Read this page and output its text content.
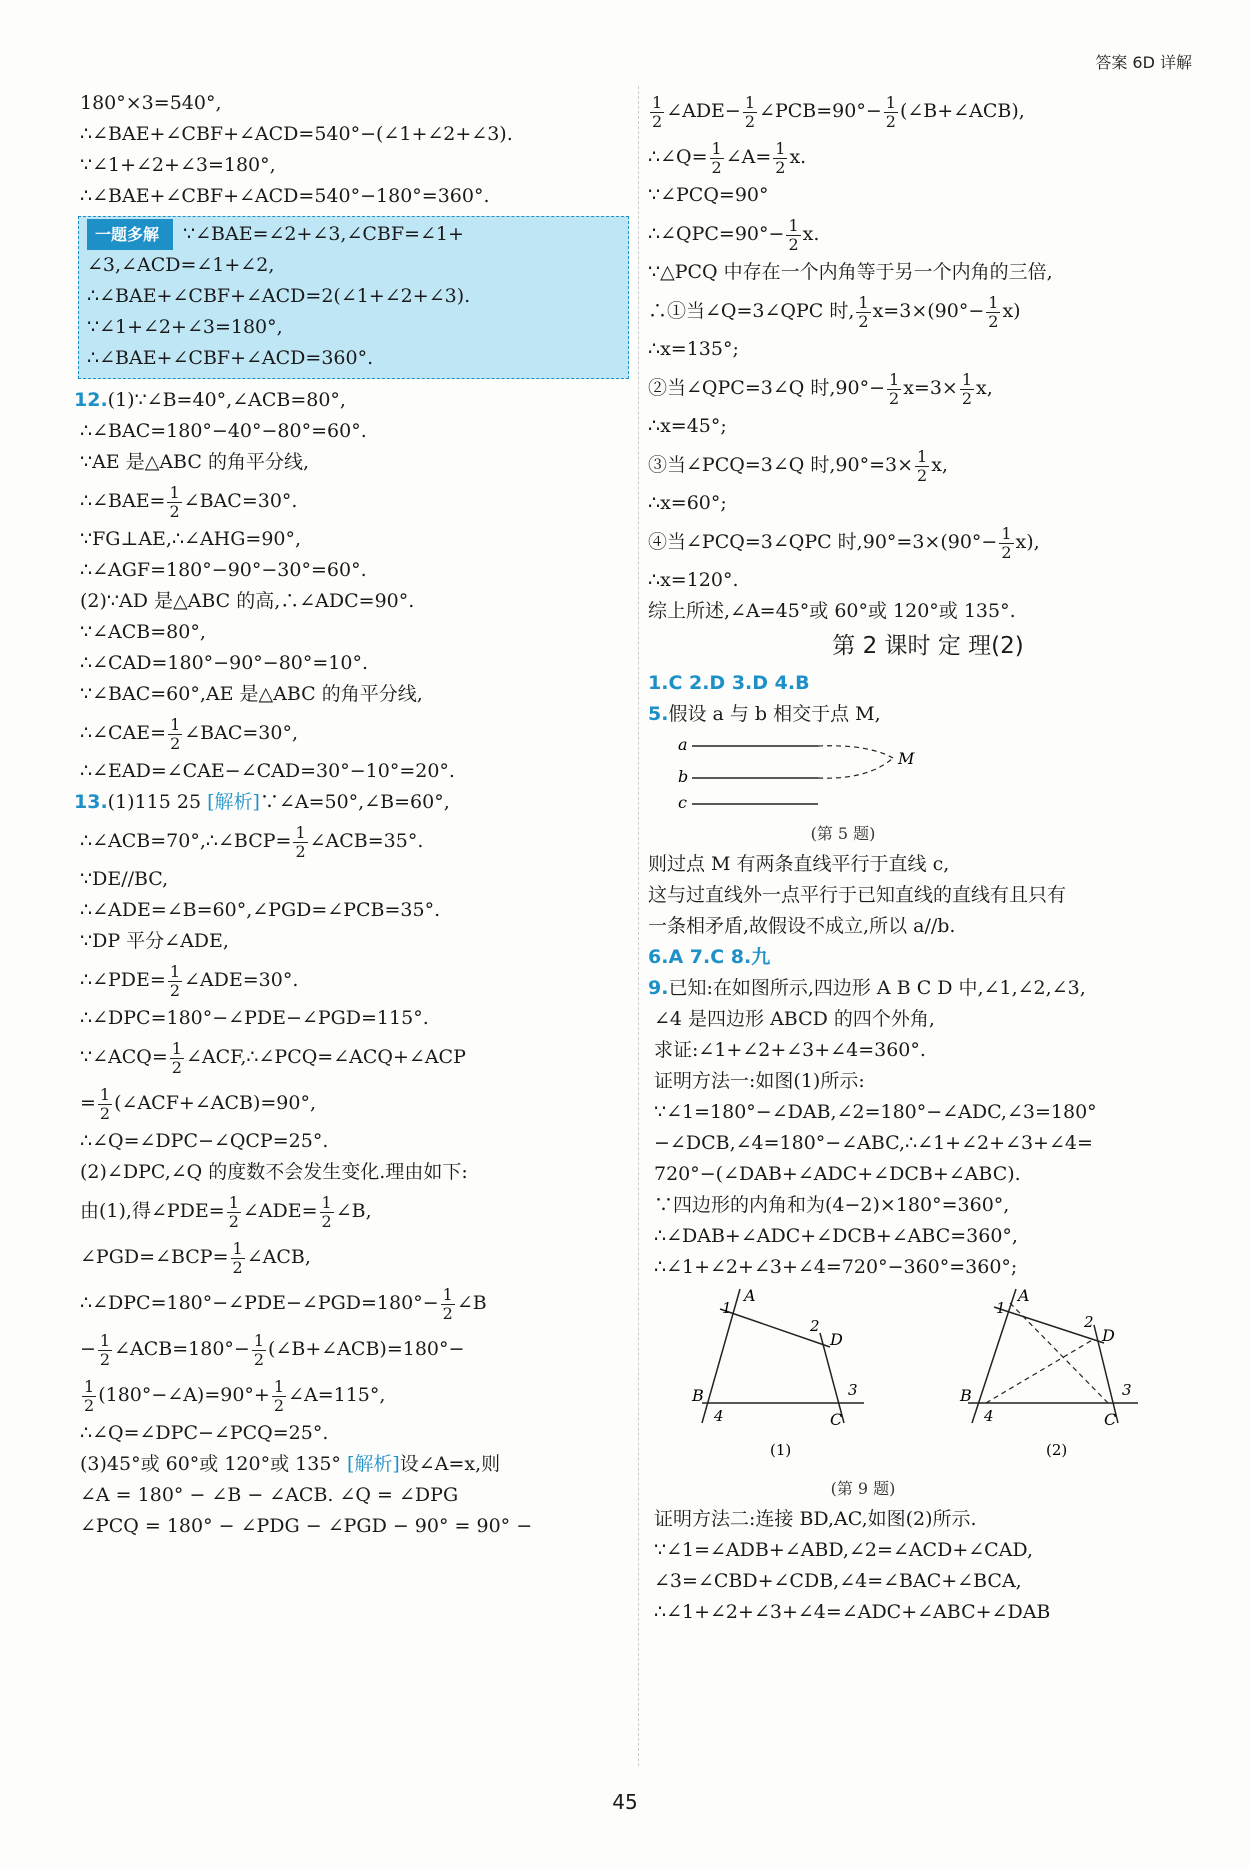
答案 6D 详解
180°×3=540°,
∴∠BAE+∠CBF+∠ACD=540°−(∠1+∠2+∠3).
∵∠1+∠2+∠3=180°,
∴∠BAE+∠CBF+∠ACD=540°−180°=360°.
一题多解 ∵∠BAE=∠2+∠3,∠CBF=∠1+
∠3,∠ACD=∠1+∠2,
∴∠BAE+∠CBF+∠ACD=2(∠1+∠2+∠3).
∵∠1+∠2+∠3=180°,
∴∠BAE+∠CBF+∠ACD=360°.
12.(1)∵∠B=40°,∠ACB=80°,
∴∠BAC=180°−40°−80°=60°.
∵AE 是△ABC 的角平分线,
∴∠BAE= $\frac{1}{2}$ ∠BAC=30°.
∵FG⊥AE,∴∠AHG=90°,
∴∠AGF=180°−90°−30°=60°.
(2)∵AD 是△ABC 的高,∴∠ADC=90°.
∵∠ACB=80°,
∴∠CAD=180°−90°−80°=10°.
∵∠BAC=60°,AE 是△ABC 的角平分线,
∴∠CAE= $\frac{1}{2}$ ∠BAC=30°,
∴∠EAD=∠CAE−∠CAD=30°−10°=20°.
13.(1)115 25 [解析]∵∠A=50°,∠B=60°,
∴∠ACB=70°,∴∠BCP= $\frac{1}{2}$ ∠ACB=35°.
∵DE//BC,
∴∠ADE=∠B=60°,∠PGD=∠PCB=35°.
∵DP 平分∠ADE,
∴∠PDE= $\frac{1}{2}$ ∠ADE=30°.
∴∠DPC=180°−∠PDE−∠PGD=115°.
∵∠ACQ= $\frac{1}{2}$ ∠ACF,∴∠PCQ=∠ACQ+∠ACP
= $\frac{1}{2}$ (∠ACF+∠ACB)=90°,
∴∠Q=∠DPC−∠QCP=25°.
(2)∠DPC,∠Q 的度数不会发生变化.理由如下:
由(1),得∠PDE= $\frac{1}{2}$ ∠ADE= $\frac{1}{2}$ ∠B,
∠PGD=∠BCP= $\frac{1}{2}$ ∠ACB,
∴∠DPC=180°−∠PDE−∠PGD=180°− $\frac{1}{2}$ ∠B
− $\frac{1}{2}$ ∠ACB=180°− $\frac{1}{2}$ (∠B+∠ACB)=180°−
$\frac{1}{2}$ (180°−∠A)=90°+ $\frac{1}{2}$ ∠A=115°,
∴∠Q=∠DPC−∠PCQ=25°.
(3)45°或 60°或 120°或 135° [解析]设∠A=x,则
∠A = 180° − ∠B − ∠ACB. ∠Q = ∠DPG
∠PCQ = 180° − ∠PDG − ∠PGD − 90° = 90° −
$\frac{1}{2}$ ∠ADE− $\frac{1}{2}$ ∠PCB=90°− $\frac{1}{2}$ (∠B+∠ACB),
∴∠Q= $\frac{1}{2}$ ∠A= $\frac{1}{2} x$.
∵∠PCQ=90°
∴∠QPC=90°− $\frac{1}{2} x$.
∵△PCQ 中存在一个内角等于另一个内角的三倍,
∴①当∠Q=3∠QPC 时, $\frac{1}{2} x=3\times(90^\circ- \frac{1}{2} x)$
∴x=135°;
②当∠QPC=3∠Q 时$,90^\circ- \frac{1}{2} x=3\times \frac{1}{2} x$,
∴x=45°;
③当∠PCQ=3∠Q 时$,90^\circ=3\times \frac{1}{2} x$,
∴x=60°;
④当∠PCQ=3∠QPC 时$,90^\circ=3\times(90^\circ- \frac{1}{2} x)$,
∴x=120°.
综上所述,∠A=45°或 60°或 120°或 135°.
第 2 课时 定 理(2)
1.C 2.D 3.D 4.B
5.假设 a 与 b 相交于点 M,
a
b
c
M
(第 5 题)
则过点 M 有两条直线平行于直线 c,
这与过直线外一点平行于已知直线的直线有且只有
一条相矛盾,故假设不成立,所以 a//b.
6.A 7.C 8.九
9.已知:在如图所示,四边形 A B C D 中,∠1,∠2,∠3,
∠4 是四边形 ABCD 的四个外角,
求证:∠1+∠2+∠3+∠4=360°.
证明方法一:如图(1)所示:
∵∠1=180°−∠DAB,∠2=180°−∠ADC,∠3=180°
−∠DCB,∠4=180°−∠ABC,∴∠1+∠2+∠3+∠4=
720°−(∠DAB+∠ADC+∠DCB+∠ABC).
∵四边形的内角和为(4−2)×180°=360°,
∴∠DAB+∠ADC+∠DCB+∠ABC=360°,
∴∠1+∠2+∠3+∠4=720°−360°=360°;
A
1
D
2
B
4	C
3
A
1
D
2
B
4	C
3
(1)	(2)
(第 9 题)
证明方法二:连接 BD,AC,如图(2)所示.
∵∠1=∠ADB+∠ABD,∠2=∠ACD+∠CAD,
∠3=∠CBD+∠CDB,∠4=∠BAC+∠BCA,
∴∠1+∠2+∠3+∠4=∠ADC+∠ABC+∠DAB
45
